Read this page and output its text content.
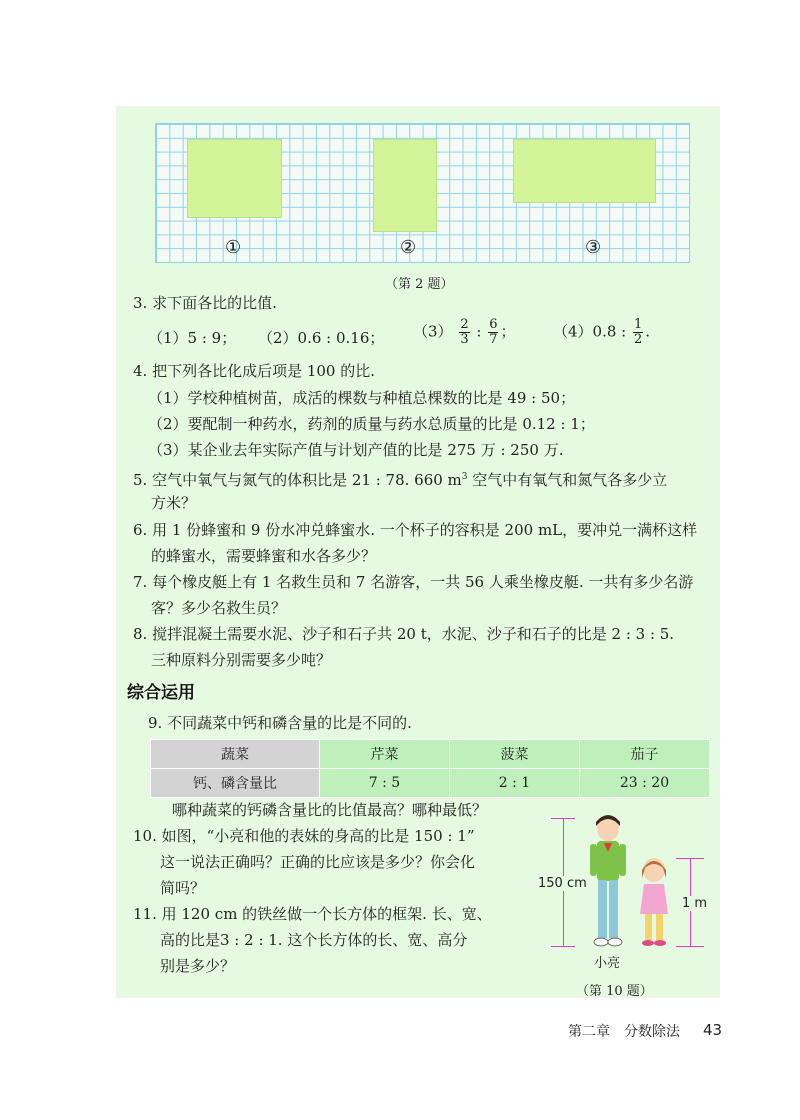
①	②	③
（第 2 题）
3. 求下面各比的比值.
（1）5 : 9； （2）0.6 : 0.16； $(3) \frac{2}{3}$ : $\frac{6}{7}$ ；	（4）0.8 : $\frac{1}{2}$ .
4. 把下列各比化成后项是 100 的比.
（1）学校种植树苗，成活的棵数与种植总棵数的比是 49 : 50；
（2）要配制一种药水，药剂的质量与药水总质量的比是 0.12 : 1；
（3）某企业去年实际产值与计划产值的比是 275 万 : 250 万.
5. 空气中氧气与氮气的体积比是 21 : 78. 660 $m^3$ 空气中有氧气和氮气各多少立
方米？
6. 用 1 份蜂蜜和 9 份水冲兑蜂蜜水. 一个杯子的容积是 200 mL，要冲兑一满杯这样
的蜂蜜水，需要蜂蜜和水各多少？
7. 每个橡皮艇上有 1 名救生员和 7 名游客，一共 56 人乘坐橡皮艇. 一共有多少名游
客？多少名救生员？
8. 搅拌混凝土需要水泥、沙子和石子共 20 t，水泥、沙子和石子的比是 2 : 3 : 5.
三种原料分别需要多少吨？
综合运用
9. 不同蔬菜中钙和磷含量的比是不同的.
蔬菜	芹菜	菠菜	茄子
钙、磷含量比	7 : 5	2 : 1	23 : 20
哪种蔬菜的钙磷含量比的比值最高？哪种最低？
10. 如图，“小亮和他的表妹的身高的比是 150 : 1”
这一说法正确吗？正确的比应该是多少？你会化
简吗？
11. 用 120 cm 的铁丝做一个长方体的框架. 长、宽、
高的比是3 : 2 : 1. 这个长方体的长、宽、高分
别是多少？
150 cm
1 m
小亮
（第 10 题）
第二章　分数除法 43
